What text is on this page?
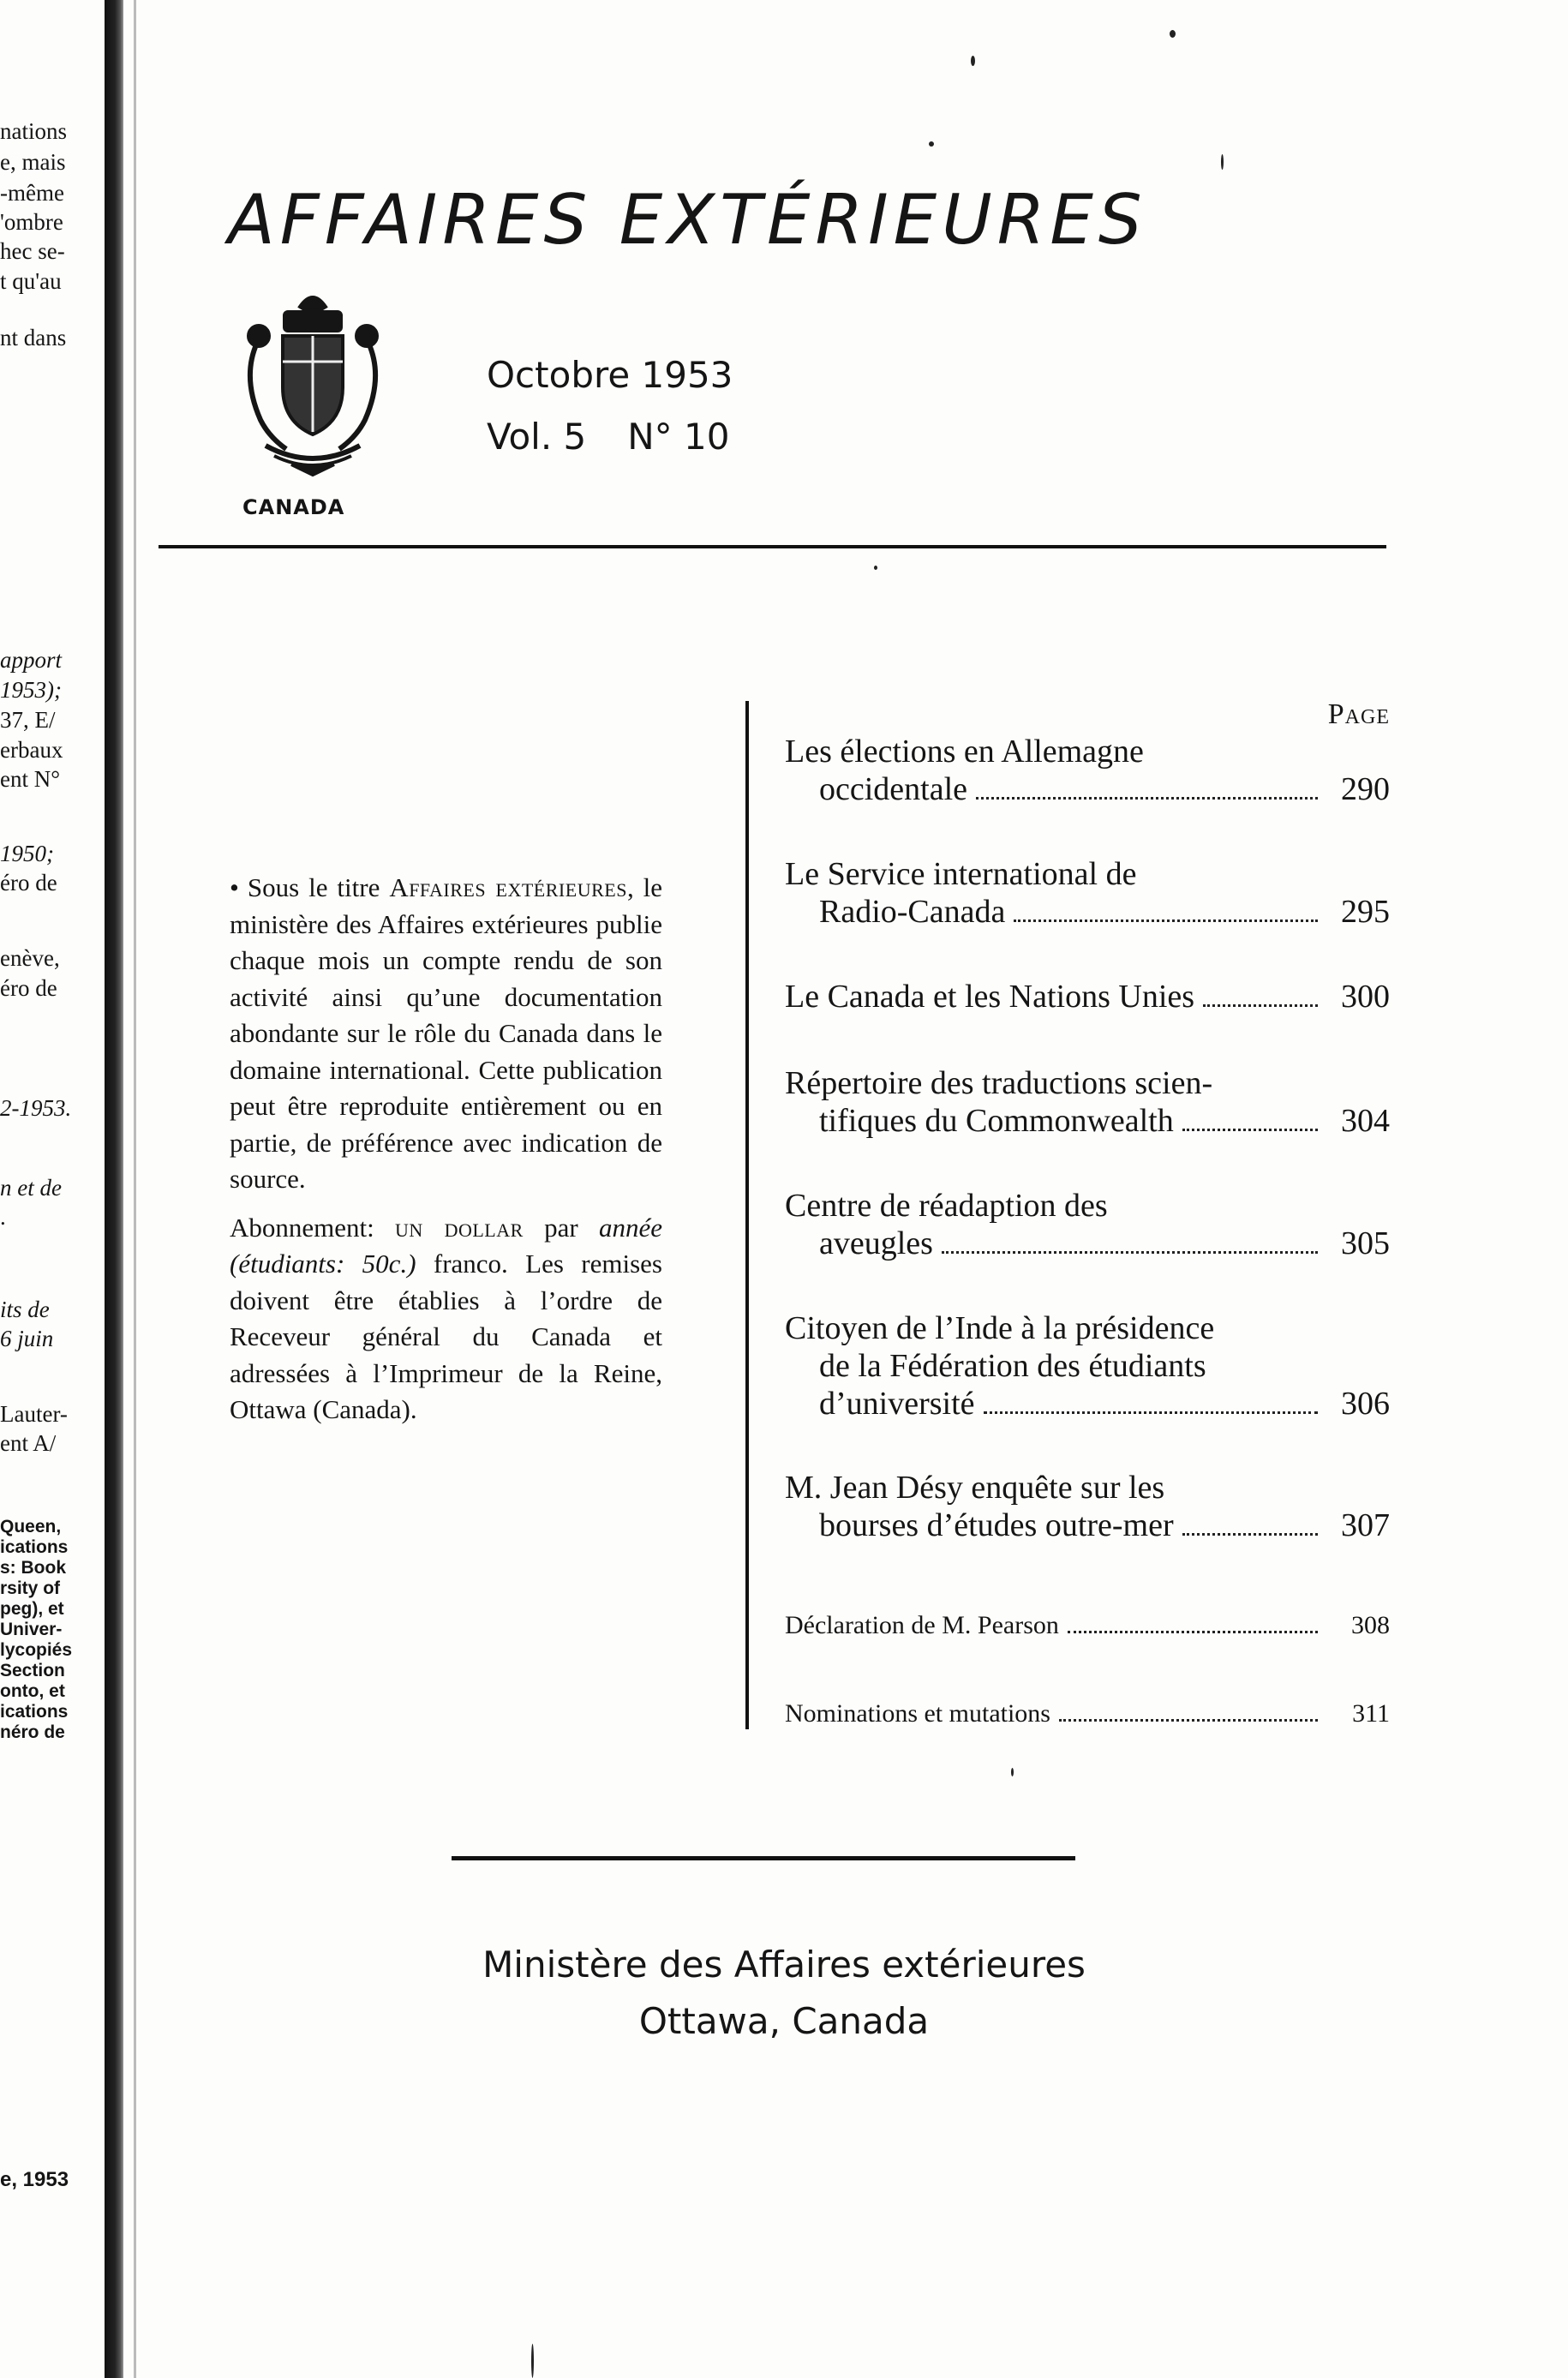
nations
e, mais
-même
'ombre
hec se-
t qu'au
nt dans
apport
1953);
37, E/
erbaux
ent N°
1950;
éro de
enève,
éro de
2-1953.
n et de
.
its de
6 juin
Lauter-
ent A/
Queen,
ications
s: Book
rsity of
peg), et
Univer-
lycopiés
Section
onto, et
ications
néro de
e, 1953
AFFAIRES EXTÉRIEURES
CANADA
Octobre 1953
Vol. 5 N° 10

• Sous le titre Affaires extérieures, le ministère des Affaires extérieures publie chaque mois un compte rendu de son activité ainsi qu’une documentation abondante sur le rôle du Canada dans le domaine international. Cette publication peut être reproduite entièrement ou en partie, de préférence avec indication de source.

Abonnement: un dollar par année (étudiants: 50c.) franco. Les remises doivent être établies à l’ordre de Receveur général du Canada et adressées à l’Imprimeur de la Reine, Ottawa (Canada).

Page
Les élections en Allemagne
occidentale	290
Le Service international de
Radio-Canada	295
Le Canada et les Nations Unies	300
Répertoire des traductions scien-
tifiques du Commonwealth	304
Centre de réadaption des
aveugles	305
Citoyen de l’Inde à la présidence
de la Fédération des étudiants
d’université	306
M. Jean Désy enquête sur les
bourses d’études outre-mer	307
Déclaration de M. Pearson	308
Nominations et mutations	311
Ministère des Affaires extérieures
Ottawa, Canada
